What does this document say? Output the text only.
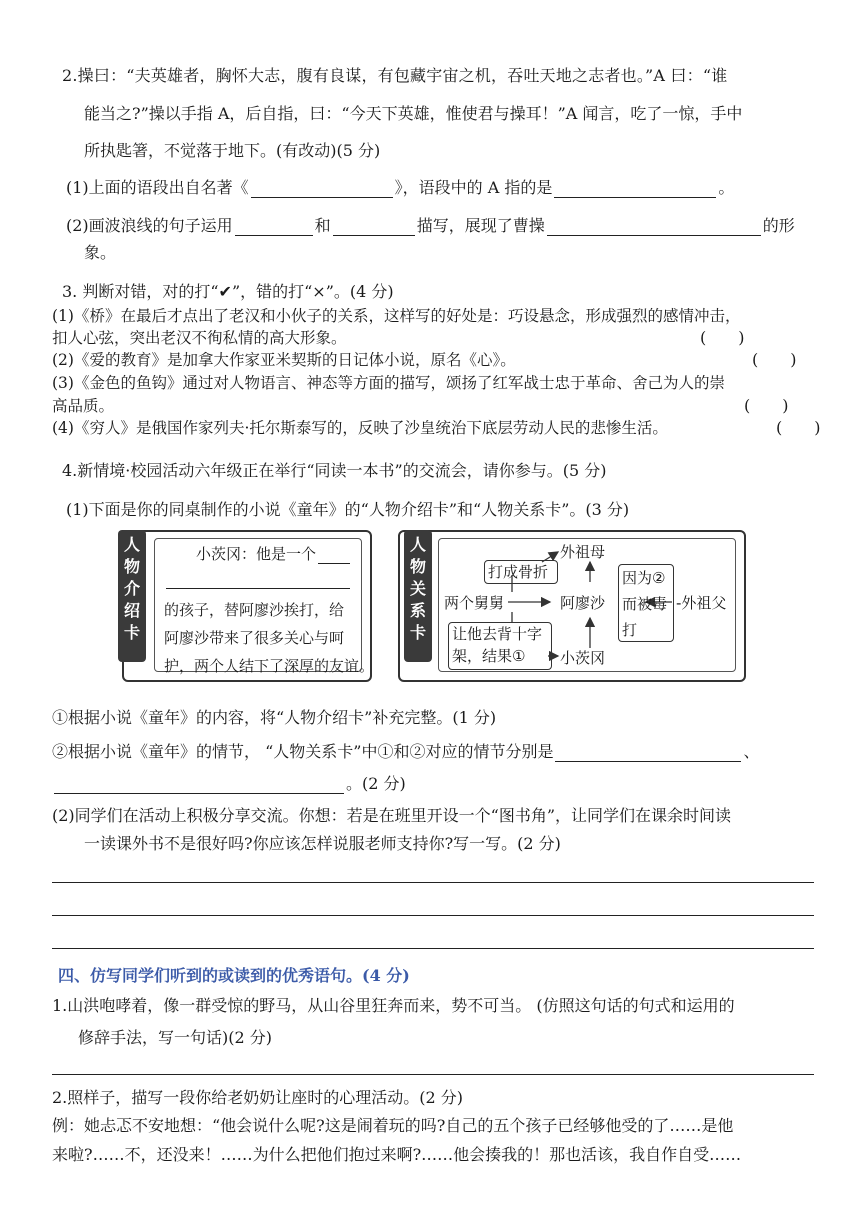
2.操曰：“夫英雄者，胸怀大志，腹有良谋，有包藏宇宙之机，吞吐天地之志者也。”A 曰：“谁
能当之?”操以手指 A，后自指，曰：“今天下英雄，惟使君与操耳！”A 闻言，吃了一惊，手中
所执匙箸，不觉落于地下。(有改动)(5 分)
(1)上面的语段出自名著《	》，语段中的 A 指的是	。
(2)画波浪线的句子运用	和	描写，展现了曹操	的形
象。
3. 判断对错，对的打“✔”，错的打“×”。(4 分)
(1)《桥》在最后才点出了老汉和小伙子的关系，这样写的好处是：巧设悬念，形成强烈的感情冲击，
扣人心弦，突出老汉不徇私情的高大形象。	(　　)
(2)《爱的教育》是加拿大作家亚米契斯的日记体小说，原名《心》。	(　　)
(3)《金色的鱼钩》通过对人物语言、神态等方面的描写，颂扬了红军战士忠于革命、舍己为人的崇
高品质。	(　　)
(4)《穷人》是俄国作家列夫·托尔斯泰写的，反映了沙皇统治下底层劳动人民的悲惨生活。	(　　)
4.新情境·校园活动六年级正在举行“同读一本书”的交流会，请你参与。(5 分)
(1)下面是你的同桌制作的小说《童年》的“人物介绍卡”和“人物关系卡”。(3 分)
人
物
介
绍
卡
小茨冈：他是一个
的孩子，替阿廖沙挨打，给
阿廖沙带来了很多关心与呵
护，两个人结下了深厚的友谊。
人
物
关
系
卡
外祖母
打成骨折
两个舅舅	阿廖沙
因为②
而被毒
打
-外祖父
让他去背十字
架，结果① 小茨冈
①根据小说《童年》的内容，将“人物介绍卡”补充完整。(1 分)
②根据小说《童年》的情节， “人物关系卡”中①和②对应的情节分别是	、
。(2 分)
(2)同学们在活动上积极分享交流。你想：若是在班里开设一个“图书角”，让同学们在课余时间读
一读课外书不是很好吗?你应该怎样说服老师支持你?写一写。(2 分)
四、仿写同学们听到的或读到的优秀语句。(4 分)
1.山洪咆哮着，像一群受惊的野马，从山谷里狂奔而来，势不可当。 (仿照这句话的句式和运用的
修辞手法，写一句话)(2 分)
2.照样子，描写一段你给老奶奶让座时的心理活动。(2 分)
例：她忐忑不安地想：“他会说什么呢?这是闹着玩的吗?自己的五个孩子已经够他受的了……是他
来啦?……不，还没来！……为什么把他们抱过来啊?……他会揍我的！那也活该，我自作自受……
